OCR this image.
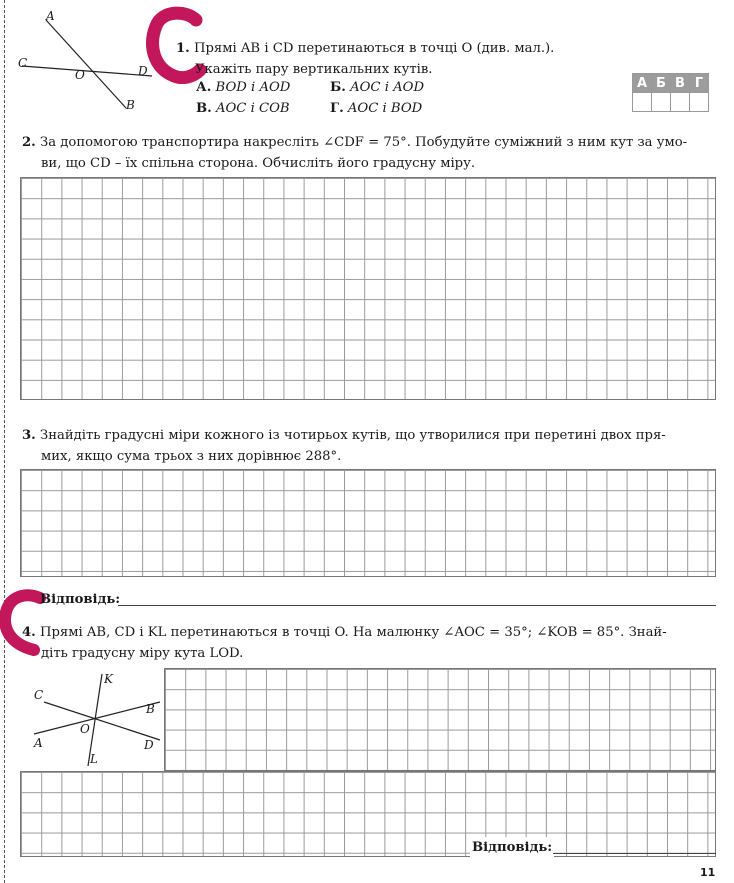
A
C
O	D
B
1. Прямі AB і CD перетинаються в точці O (див. мал.).
Укажіть пару вертикальних кутів.
А. BOD і AOD	Б. AOC і AOD
В. AOC і COB	Г. AOC і BOD
А	Б	В	Г

2. За допомогою транспортира накресліть ∠CDF = 75°. Побудуйте суміжний з ним кут за умо-
ви, що CD – їх спільна сторона. Обчисліть його градусну міру.
3. Знайдіть градусні міри кожного із чотирьох кутів, що утворилися при перетині двох пря-
мих, якщо сума трьох з них дорівнює 288°.
Відповідь:
4. Прямі AB, CD і KL перетинаються в точці O. На малюнку ∠AOC = 35°; ∠KOB = 85°. Знай-
діть градусну міру кута LOD.
K
C
B
O
A	D
L
Відповідь:
11
